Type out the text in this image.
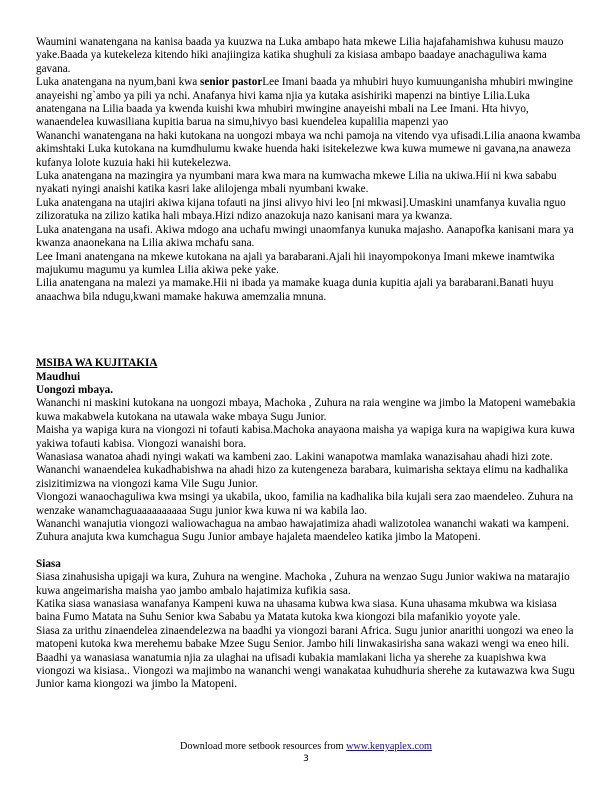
Waumini wanatengana na kanisa baada ya kuuzwa na Luka ambapo hata mkewe Lilia hajafahamishwa kuhusu mauzo yake.Baada ya kutekeleza kitendo hiki anajiingiza katika shughuli za kisiasa ambapo baadaye anachaguliwa kama gavana.

Luka anatengana na nyum,bani kwa senior pastorLee Imani baada ya mhubiri huyo kumuunganisha mhubiri mwingine anayeishi ng`ambo ya pili ya nchi. Anafanya hivi kama njia ya kutaka asishiriki mapenzi na bintiye Lilia.Luka anatengana na Lilia baada ya kwenda kuishi kwa mhubiri mwingine anayeishi mbali na Lee Imani. Hta hivyo, wanaendelea kuwasiliana kupitia barua na simu,hivyo basi kuendelea kupalilia mapenzi yao

Wananchi wanatengana na haki kutokana na uongozi mbaya wa nchi pamoja na vitendo vya ufisadi.Lilia anaona kwamba akimshtaki Luka kutokana na kumdhulumu kwake huenda haki isitekelezwe kwa kuwa mumewe ni gavana,na anaweza kufanya lolote kuzuia haki hii kutekelezwa.

Luka anatengana na mazingira ya nyumbani mara kwa mara na kumwacha mkewe Lilia na ukiwa.Hii ni kwa sababu nyakati nyingi anaishi katika kasri lake alilojenga mbali nyumbani kwake.

Luka anatengana na utajiri akiwa kijana tofauti na jinsi alivyo hivi leo [ni mkwasi].Umaskini unamfanya kuvalia nguo zilizoratuka na zilizo katika hali mbaya.Hizi ndizo anazokuja nazo kanisani mara ya kwanza.

Luka anatengana na usafi. Akiwa mdogo ana uchafu mwingi unaomfanya kunuka majasho. Aanapofka kanisani mara ya kwanza anaonekana na Lilia akiwa mchafu sana.

Lee Imani anatengana na mkewe kutokana na ajali ya barabarani.Ajali hii inayompokonya Imani mkewe inamtwika majukumu magumu ya kumlea Lilia akiwa peke yake.

Lilia anatengana na malezi ya mamake.Hii ni ibada ya mamake kuaga dunia kupitia ajali ya barabarani.Banati huyu anaachwa bila ndugu,kwani mamake hakuwa amemzalia mnuna.

MSIBA WA KUJITAKIA

Maudhui

Uongozi mbaya.

Wananchi ni maskini kutokana na uongozi mbaya, Machoka , Zuhura na raia wengine wa jimbo la Matopeni wamebakia kuwa makabwela kutokana na utawala wake mbaya Sugu Junior.

Maisha ya wapiga kura na viongozi ni tofauti kabisa.Machoka anayaona maisha ya wapiga kura na wapigiwa kura kuwa yakiwa tofauti kabisa. Viongozi wanaishi bora.

Wanasiasa wanatoa ahadi nyingi wakati wa kambeni zao. Lakini wanapotwa mamlaka wanazisahau ahadi hizi zote. Wananchi wanaendelea kukadhabishwa na ahadi hizo za kutengeneza barabara, kuimarisha sektaya elimu na kadhalika zisizitimizwa na viongozi kama Vile Sugu Junior.

Viongozi wanaochaguliwa kwa msingi ya ukabila, ukoo, familia na kadhalika bila kujali sera zao maendeleo. Zuhura na wenzake wanamchaguaaaaaaaaaa Sugu junior kwa kuwa ni wa kabila lao.

Wananchi wanajutia viongozi waliowachagua na ambao hawajatimiza ahadi walizotolea wananchi wakati wa kampeni. Zuhura anajuta kwa kumchagua Sugu Junior ambaye hajaleta maendeleo katika jimbo la Matopeni.

Siasa

Siasa zinahusisha upigaji wa kura, Zuhura na wengine. Machoka , Zuhura na wenzao Sugu Junior wakiwa na matarajio kuwa angeimarisha maisha yao jambo ambalo hajatimiza kufikia sasa.

Katika siasa wanasiasa wanafanya Kampeni kuwa na uhasama kubwa kwa siasa. Kuna uhasama mkubwa wa kisiasa baina Fumo Matata na Suhu Senior kwa Sababu ya Matata kutoka kwa kiongozi bila mafanikio yoyote yale.

Siasa za urithu zinaendelea zinaendelezwa na baadhi ya viongozi barani Africa. Sugu junior anarithi uongozi wa eneo la matopeni kutoka kwa merehemu babake Mzee Sugu Senior. Jambo hili linwakasirisha sana wakazi wengi wa eneo hili.

Baadhi ya wanasiasa wanatumia njia za ulaghai na ufisadi kubakia mamlakani licha ya sherehe za kuapishwa kwa viongozi wa kisiasa.. Viongozi wa majimbo na wananchi wengi wanakataa kuhudhuria sherehe za kutawazwa kwa Sugu Junior kama kiongozi wa jimbo la Matopeni.

Download more setbook resources from www.kenyaplex.com
3
